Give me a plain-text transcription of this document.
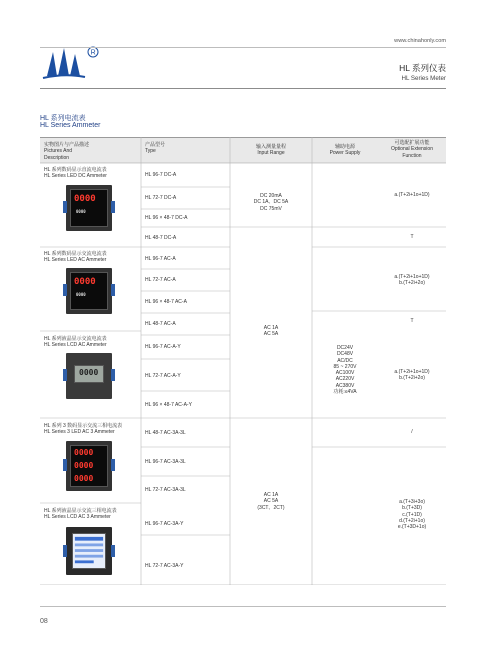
R
www.chinahonly.com
HL 系列仪表
HL Series Meter
HL 系列电流表
HL Series Ammeter
实物图片与产品描述
Pictures And
Description
产品型号
Type
输入测量量程
Input Range
辅助电源
Power Supply
可选配扩展功能
Optional Extension
Function
HL 系列数码显示直流电流表
HL Series LED DC Ammeter
HL 系列数码显示交流电流表
HL Series LED AC Ammeter
HL 系列液晶显示交流电流表
HL Series LCD AC Ammeter
HL 系列 3 数码显示交流三相电流表
HL Series 3 LED AC 3 Ammeter
HL 系列液晶显示交流三相电流表
HL Series LCD AC 3 Ammeter
0000
0000
0000
0000
0000
0000
0000
0000
HL 96-7 DC-A
HL 72-7 DC-A
HL 96 × 48-7 DC-A
HL 48-7 DC-A
HL 96-7 AC-A
HL 72-7 AC-A
HL 96 × 48-7 AC-A
HL 48-7 AC-A
HL 96-7 AC-A-Y
HL 72-7 AC-A-Y
HL 96 × 48-7 AC-A-Y
HL 48-7 AC-3A-3L
HL 96-7 AC-3A-3L
HL 72-7 AC-3A-3L
HL 96-7 AC-3A-Y
HL 72-7 AC-3A-Y
DC 20mA
DC 1A、DC 5A
DC 75mV
AC 1A
AC 5A
AC 1A
AC 5A
(3CT、2CT)
DC24V
DC48V
AC/DC
85 ~ 270V
AC100V
AC220V
AC380V
功耗:≤4VA
a.(T+2i+1o+1D)
T
a.(T+2i+1o+1D)
b.(T+2i+2o)
T
a.(T+2i+1o+1D)
b.(T+2i+2o)
/
a.(T+3i+3o)
b.(T+3D)
c.(T+1D)
d.(T+2i+1o)
e.(T+3D+1o)
08
